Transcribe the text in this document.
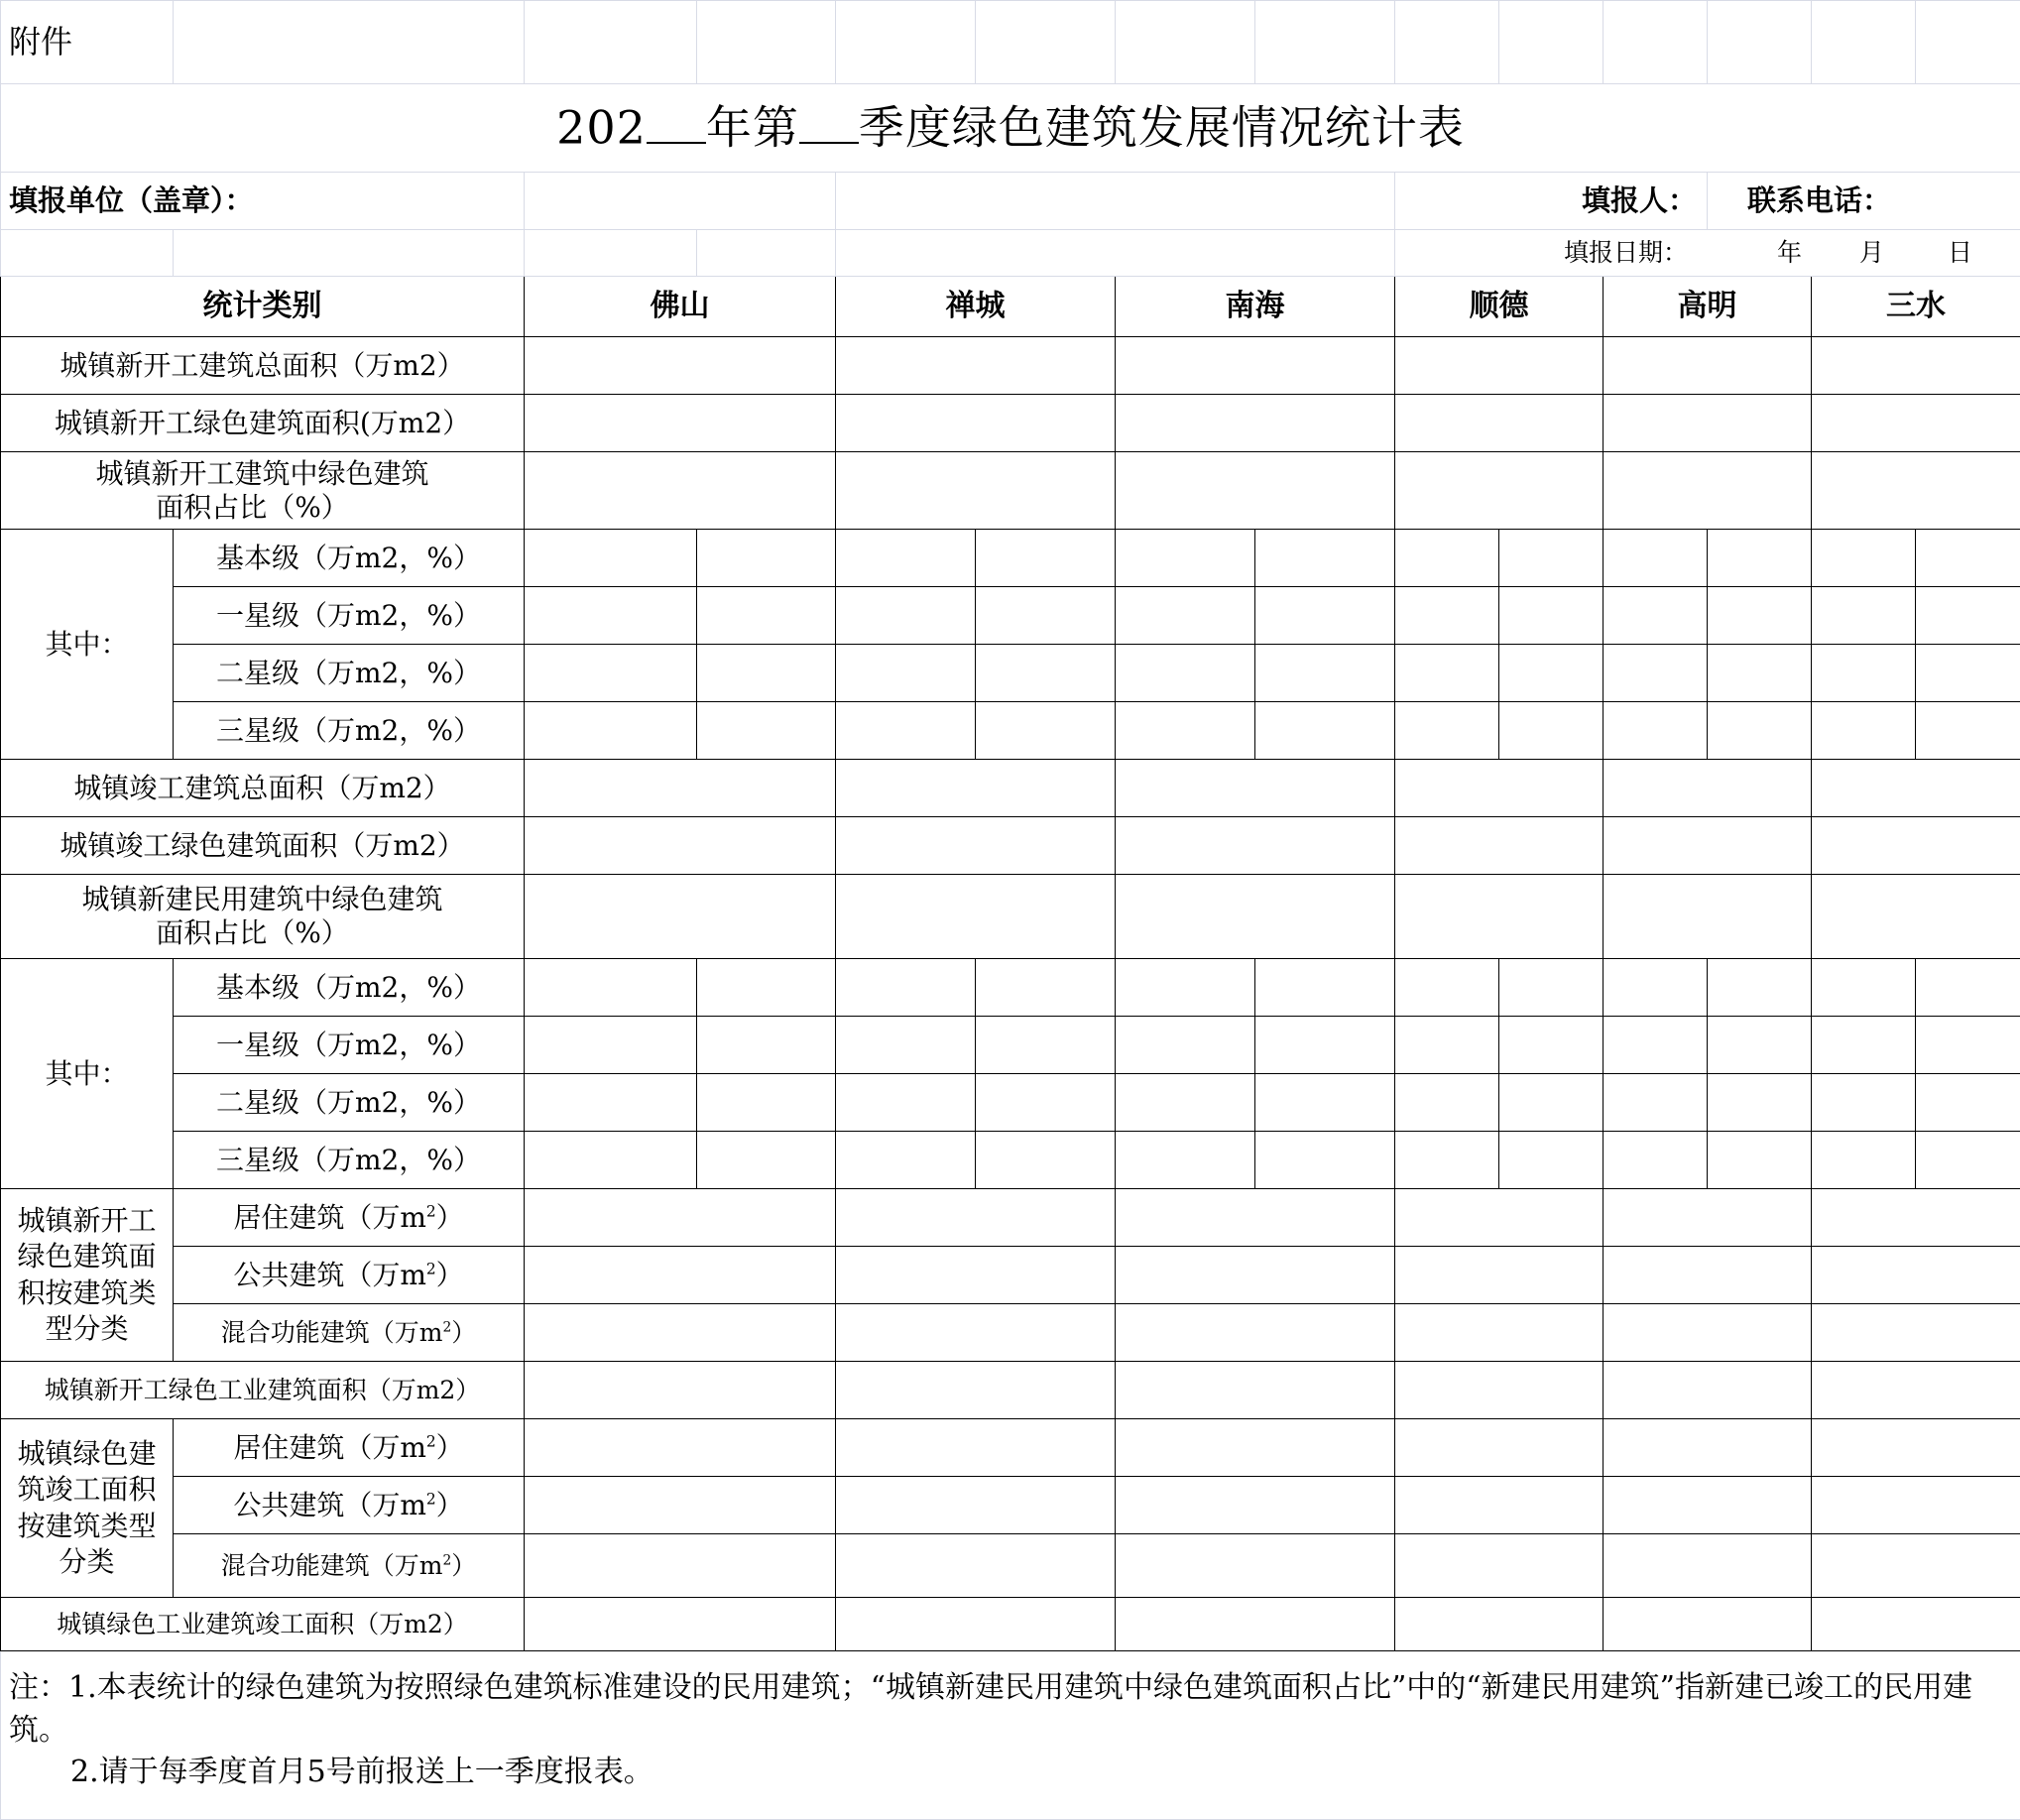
附件													
202 年第 季度绿色建筑发展情况统计表													
填报单位（盖章）：								填报人：			联系电话：		
								填报日期： 年 月 日					
统计类别		佛山		禅城		南海		顺德		高明		三水	
城镇新开工建筑总面积（万m2）													
城镇新开工绿色建筑面积(万m2）													

城镇新开工建筑中绿色建筑
面积占比（%）													

其中：	基本级（万m2，%）												
	一星级（万m2，%）												
	二星级（万m2，%）												
	三星级（万m2，%）												
城镇竣工建筑总面积（万m2）													
城镇竣工绿色建筑面积（万m2）													

城镇新建民用建筑中绿色建筑
面积占比（%）													

其中：	基本级（万m2，%）												
	一星级（万m2，%）												
	二星级（万m2，%）												
	三星级（万m2，%）												

城镇新开工
绿色建筑面
积按建筑类
型分类	居住建筑（万$m^2$）												
	公共建筑（万$m^2$）												
	混合功能建筑（万$m^2$）												
城镇新开工绿色工业建筑面积（万m2）													

城镇绿色建
筑竣工面积
按建筑类型
分类	居住建筑（万$m^2$）												
	公共建筑（万$m^2$）												
	混合功能建筑（万$m^2$）												
城镇绿色工业建筑竣工面积（万m2）													

注：1.本表统计的绿色建筑为按照绿色建筑标准建设的民用建筑；“城镇新建民用建筑中绿色建筑面积占比”中的“新建民用建筑”指新建已竣工的民用建筑。
2.请于每季度首月5号前报送上一季度报表。													
